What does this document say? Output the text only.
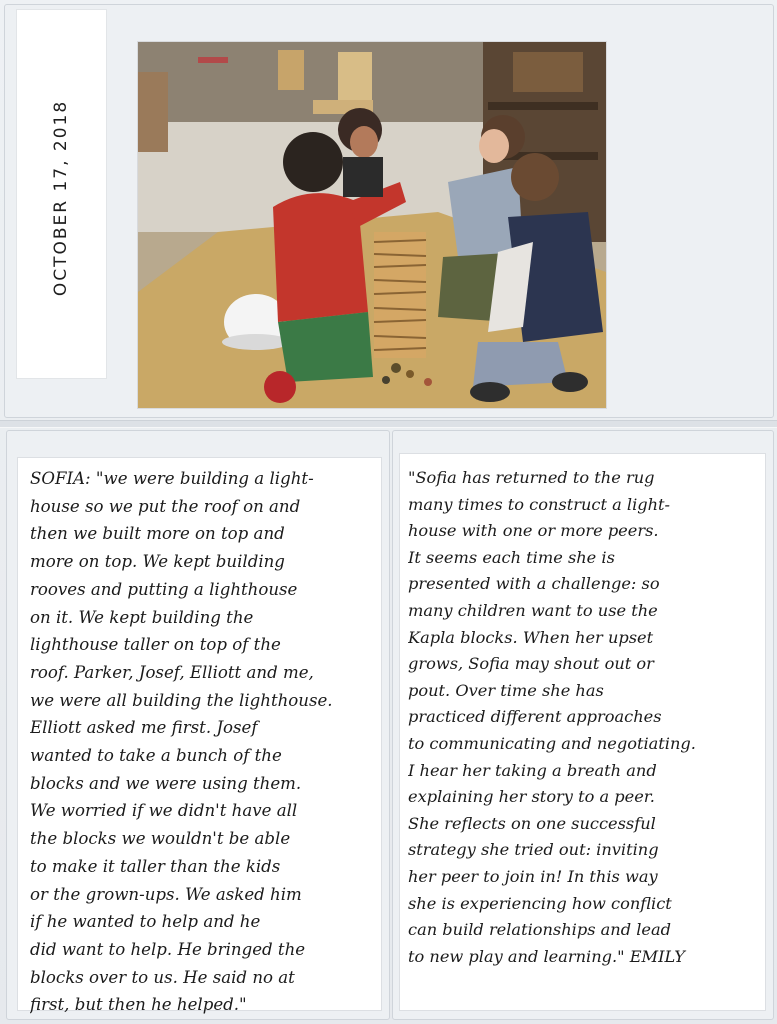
OCTOBER 17, 2018
SOFIA: "we were building a light-
house so we put the roof on and
then we built more on top and
more on top. We kept building
rooves and putting a lighthouse
on it. We kept building the
lighthouse taller on top of the
roof. Parker, Josef, Elliott and me,
we were all building the lighthouse.
Elliott asked me first. Josef
wanted to take a bunch of the
blocks and we were using them.
We worried if we didn't have all
the blocks we wouldn't be able
to make it taller than the kids
or the grown-ups. We asked him
if he wanted to help and he
did want to help. He bringed the
blocks over to us. He said no at
first, but then he helped."
"Sofia has returned to the rug
many times to construct a light-
house with one or more peers.
It seems each time she is
presented with a challenge: so
many children want to use the
Kapla blocks. When her upset
grows, Sofia may shout out or
pout. Over time she has
practiced different approaches
to communicating and negotiating.
I hear her taking a breath and
explaining her story to a peer.
She reflects on one successful
strategy she tried out: inviting
her peer to join in! In this way
she is experiencing how conflict
can build relationships and lead
to new play and learning." EMILY
